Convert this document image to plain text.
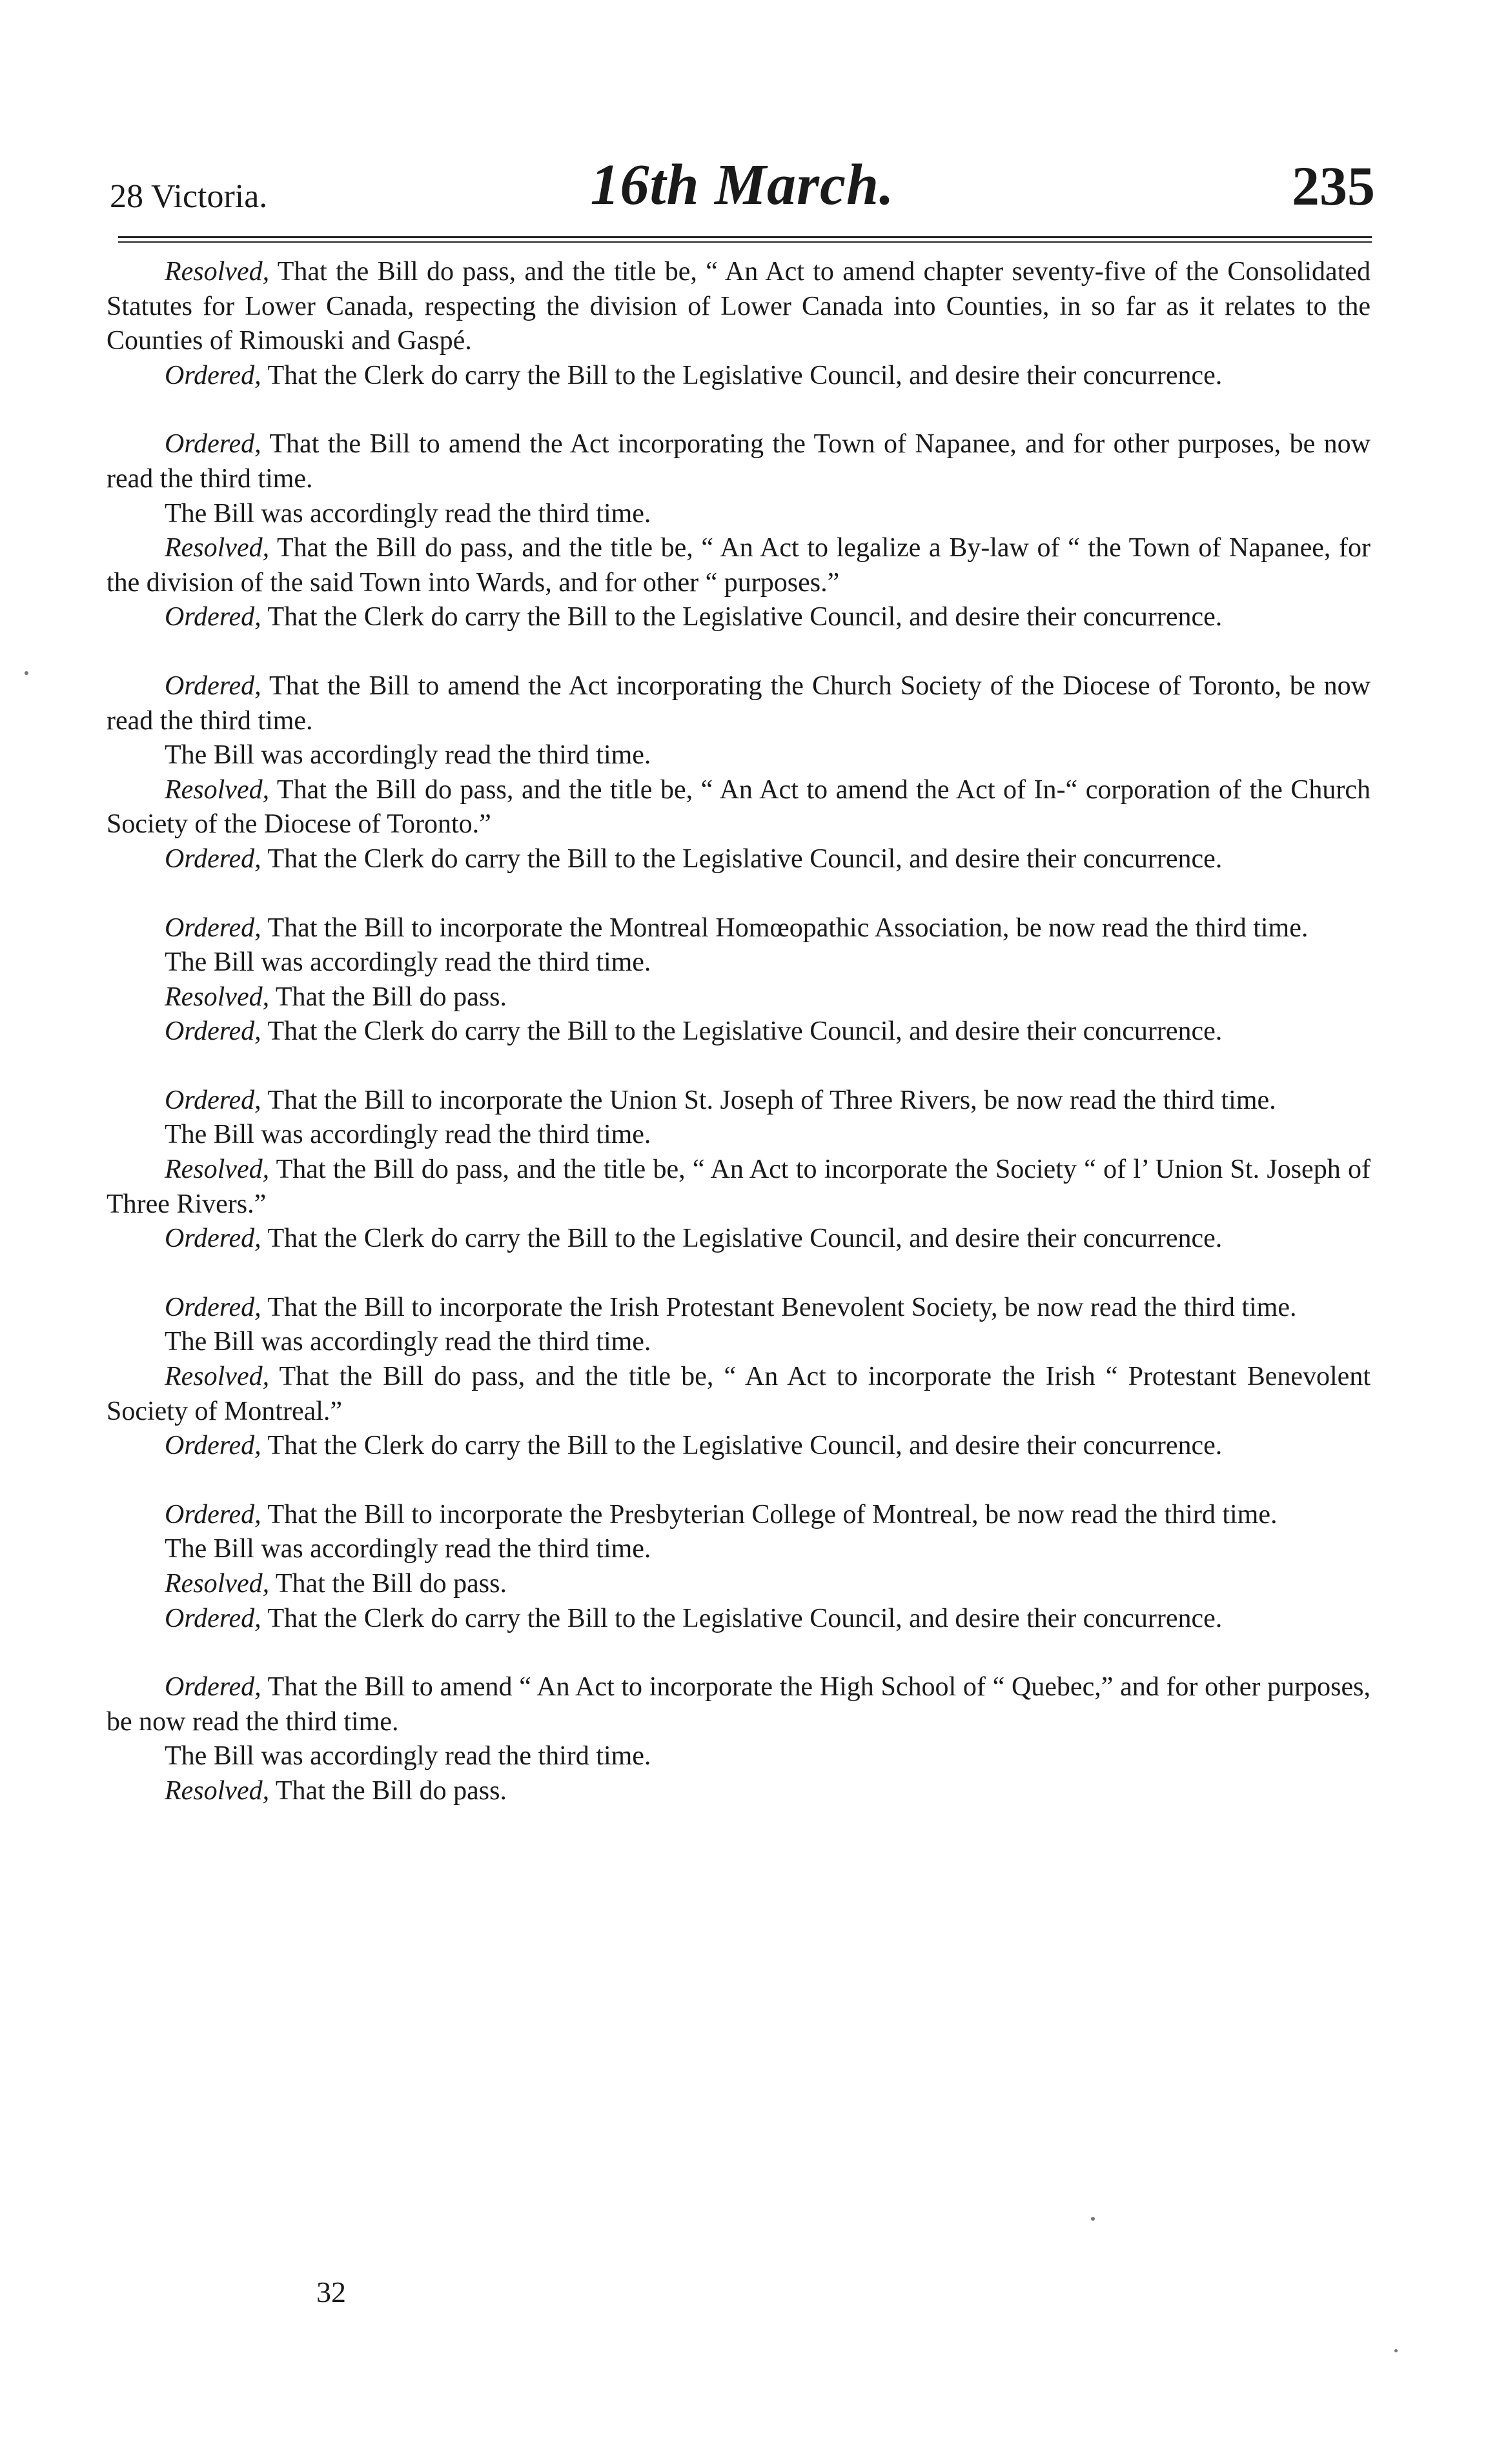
28 Victoria.	16th March.	235

Resolved, That the Bill do pass, and the title be, “ An Act to amend chapter seventy-five of the Consolidated Statutes for Lower Canada, respecting the division of Lower Canada into Counties, in so far as it relates to the Counties of Rimouski and Gaspé.

Ordered, That the Clerk do carry the Bill to the Legislative Council, and desire their concurrence.

Ordered, That the Bill to amend the Act incorporating the Town of Napanee, and for other purposes, be now read the third time.

The Bill was accordingly read the third time.

Resolved, That the Bill do pass, and the title be, “ An Act to legalize a By-law of “ the Town of Napanee, for the division of the said Town into Wards, and for other “ purposes.”

Ordered, That the Clerk do carry the Bill to the Legislative Council, and desire their concurrence.

Ordered, That the Bill to amend the Act incorporating the Church Society of the Diocese of Toronto, be now read the third time.

The Bill was accordingly read the third time.

Resolved, That the Bill do pass, and the title be, “ An Act to amend the Act of In-“ corporation of the Church Society of the Diocese of Toronto.”

Ordered, That the Clerk do carry the Bill to the Legislative Council, and desire their concurrence.

Ordered, That the Bill to incorporate the Montreal Homœopathic Association, be now read the third time.

The Bill was accordingly read the third time.

Resolved, That the Bill do pass.

Ordered, That the Clerk do carry the Bill to the Legislative Council, and desire their concurrence.

Ordered, That the Bill to incorporate the Union St. Joseph of Three Rivers, be now read the third time.

The Bill was accordingly read the third time.

Resolved, That the Bill do pass, and the title be, “ An Act to incorporate the Society “ of l’ Union St. Joseph of Three Rivers.”

Ordered, That the Clerk do carry the Bill to the Legislative Council, and desire their concurrence.

Ordered, That the Bill to incorporate the Irish Protestant Benevolent Society, be now read the third time.

The Bill was accordingly read the third time.

Resolved, That the Bill do pass, and the title be, “ An Act to incorporate the Irish “ Protestant Benevolent Society of Montreal.”

Ordered, That the Clerk do carry the Bill to the Legislative Council, and desire their concurrence.

Ordered, That the Bill to incorporate the Presbyterian College of Montreal, be now read the third time.

The Bill was accordingly read the third time.

Resolved, That the Bill do pass.

Ordered, That the Clerk do carry the Bill to the Legislative Council, and desire their concurrence.

Ordered, That the Bill to amend “ An Act to incorporate the High School of “ Quebec,” and for other purposes, be now read the third time.

The Bill was accordingly read the third time.

Resolved, That the Bill do pass.

32
